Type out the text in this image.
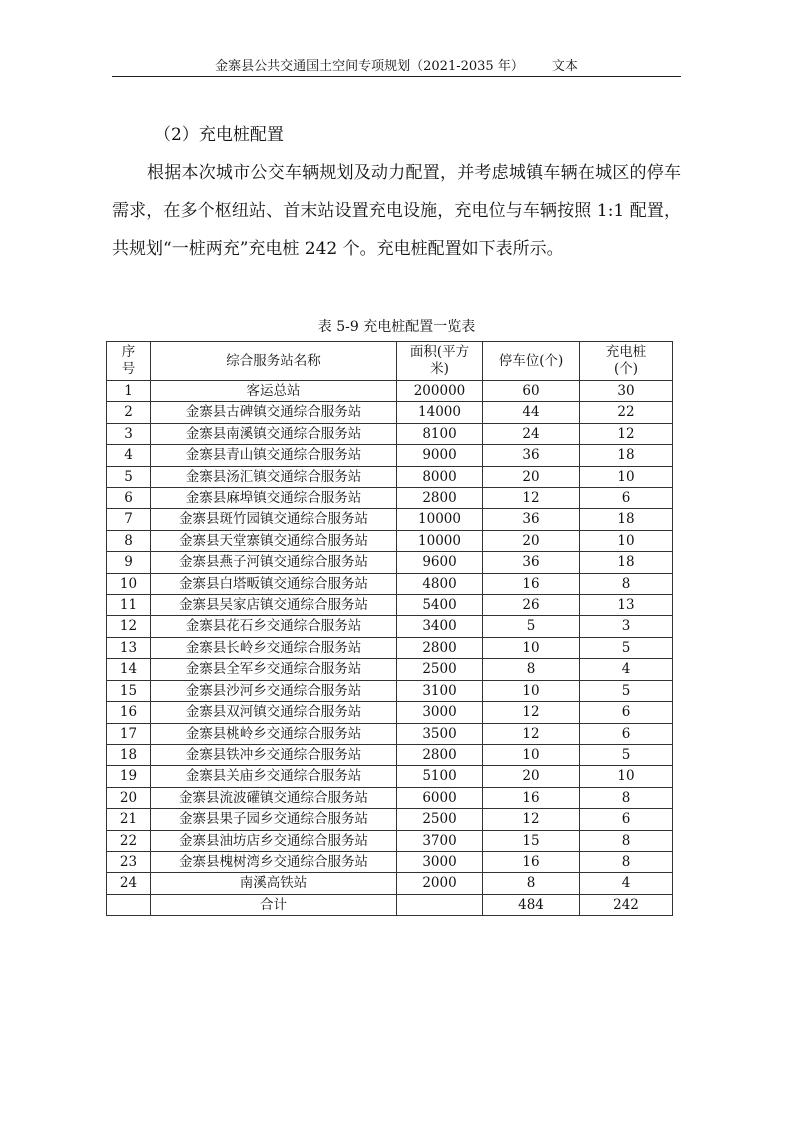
金寨县公共交通国土空间专项规划（2021-2035 年） 文本
（2）充电桩配置

根据本次城市公交车辆规划及动力配置，并考虑城镇车辆在城区的停车需求，在多个枢纽站、首末站设置充电设施，充电位与车辆按照 1:1 配置，共规划“一桩两充”充电桩 242 个。充电桩配置如下表所示。

表 5-9 充电桩配置一览表
序
号	综合服务站名称	面积(平方
米)	停车位(个)	充电桩
(个)
1	客运总站	200000	60	30
2	金寨县古碑镇交通综合服务站	14000	44	22
3	金寨县南溪镇交通综合服务站	8100	24	12
4	金寨县青山镇交通综合服务站	9000	36	18
5	金寨县汤汇镇交通综合服务站	8000	20	10
6	金寨县麻埠镇交通综合服务站	2800	12	6
7	金寨县斑竹园镇交通综合服务站	10000	36	18
8	金寨县天堂寨镇交通综合服务站	10000	20	10
9	金寨县燕子河镇交通综合服务站	9600	36	18
10	金寨县白塔畈镇交通综合服务站	4800	16	8
11	金寨县吴家店镇交通综合服务站	5400	26	13
12	金寨县花石乡交通综合服务站	3400	5	3
13	金寨县长岭乡交通综合服务站	2800	10	5
14	金寨县全军乡交通综合服务站	2500	8	4
15	金寨县沙河乡交通综合服务站	3100	10	5
16	金寨县双河镇交通综合服务站	3000	12	6
17	金寨县桃岭乡交通综合服务站	3500	12	6
18	金寨县铁冲乡交通综合服务站	2800	10	5
19	金寨县关庙乡交通综合服务站	5100	20	10
20	金寨县流波礶镇交通综合服务站	6000	16	8
21	金寨县果子园乡交通综合服务站	2500	12	6
22	金寨县油坊店乡交通综合服务站	3700	15	8
23	金寨县槐树湾乡交通综合服务站	3000	16	8
24	南溪高铁站	2000	8	4
	合计		484	242
